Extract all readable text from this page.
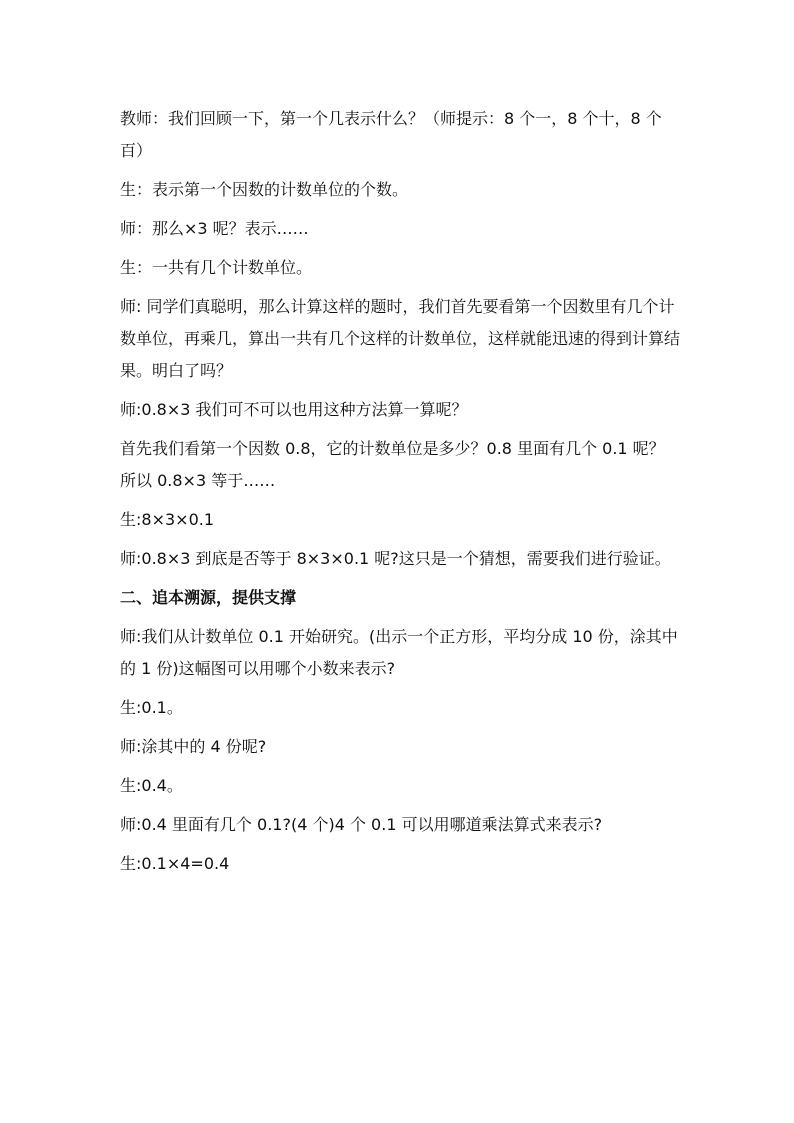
教师：我们回顾一下，第一个几表示什么？（师提示：8 个一，8 个十，8 个百）

生：表示第一个因数的计数单位的个数。

师：那么×3 呢？表示……

生：一共有几个计数单位。

师: 同学们真聪明，那么计算这样的题时，我们首先要看第一个因数里有几个计数单位，再乘几，算出一共有几个这样的计数单位，这样就能迅速的得到计算结果。明白了吗？

师:0.8×3 我们可不可以也用这种方法算一算呢？

首先我们看第一个因数 0.8，它的计数单位是多少？0.8 里面有几个 0.1 呢？所以 0.8×3 等于……

生:8×3×0.1

师:0.8×3 到底是否等于 8×3×0.1 呢?这只是一个猜想，需要我们进行验证。

二、追本溯源，提供支撑

师:我们从计数单位 0.1 开始研究。(出示一个正方形，平均分成 10 份，涂其中的 1 份)这幅图可以用哪个小数来表示?

生:0.1。

师:涂其中的 4 份呢?

生:0.4。

师:0.4 里面有几个 0.1?(4 个)4 个 0.1 可以用哪道乘法算式来表示?

生:0.1×4=0.4
